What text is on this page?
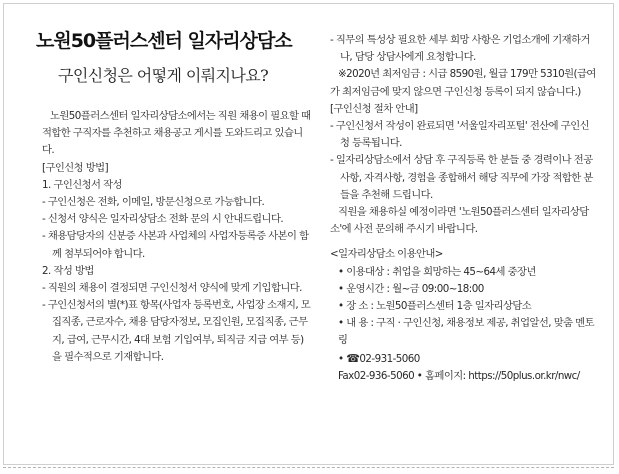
노원50플러스센터 일자리상담소
구인신청은 어떻게 이뤄지나요?

노원50플러스센터 일자리상담소에서는 직원 채용이 필요할 때 적합한 구직자를 추천하고 채용공고 게시를 도와드리고 있습니다.

[구인신청 방법]

1. 구인신청서 작성

- 구인신청은 전화, 이메일, 방문신청으로 가능합니다.

- 신청서 양식은 일자리상담소 전화 문의 시 안내드립니다.

- 채용담당자의 신분증 사본과 사업체의 사업자등록증 사본이 함께 첨부되어야 합니다.

2. 작성 방법

- 직원의 채용이 결정되면 구인신청서 양식에 맞게 기입합니다.

- 구인신청서의 별(*)표 항목(사업자 등록번호, 사업장 소재지, 모집직종, 근로자수, 채용 담당자정보, 모집인원, 모집직종, 근무지, 급여, 근무시간, 4대 보험 기입여부, 퇴직금 지급 여부 등)을 필수적으로 기재합니다.

- 직무의 특성상 필요한 세부 희망 사항은 기업소개에 기재하거나, 담당 상담사에게 요청합니다.

※2020년 최저임금 : 시급 8590원, 월급 179만 5310원(급여가 최저임금에 맞지 않으면 구인신청 등록이 되지 않습니다.)

[구인신청 절차 안내]

- 구인신청서 작성이 완료되면 '서울일자리포털' 전산에 구인신청 등록됩니다.

- 일자리상담소에서 상담 후 구직등록 한 분들 중 경력이나 전공사항, 자격사항, 경험을 종합해서 해당 직무에 가장 적합한 분들을 추천해 드립니다.

직원을 채용하실 예정이라면 '노원50플러스센터 일자리상담소'에 사전 문의해 주시기 바랍니다.

<일자리상담소 이용안내>

• 이용대상 : 취업을 희망하는 45~64세 중장년

• 운영시간 : 월~금 09:00~18:00

• 장 소 : 노원50플러스센터 1층 일자리상담소

• 내 용 : 구직 · 구인신청, 채용정보 제공, 취업알선, 맞춤 멘토링

• ☎02-931-5060

Fax02-936-5060 • 홈페이지: https://50plus.or.kr/nwc/
